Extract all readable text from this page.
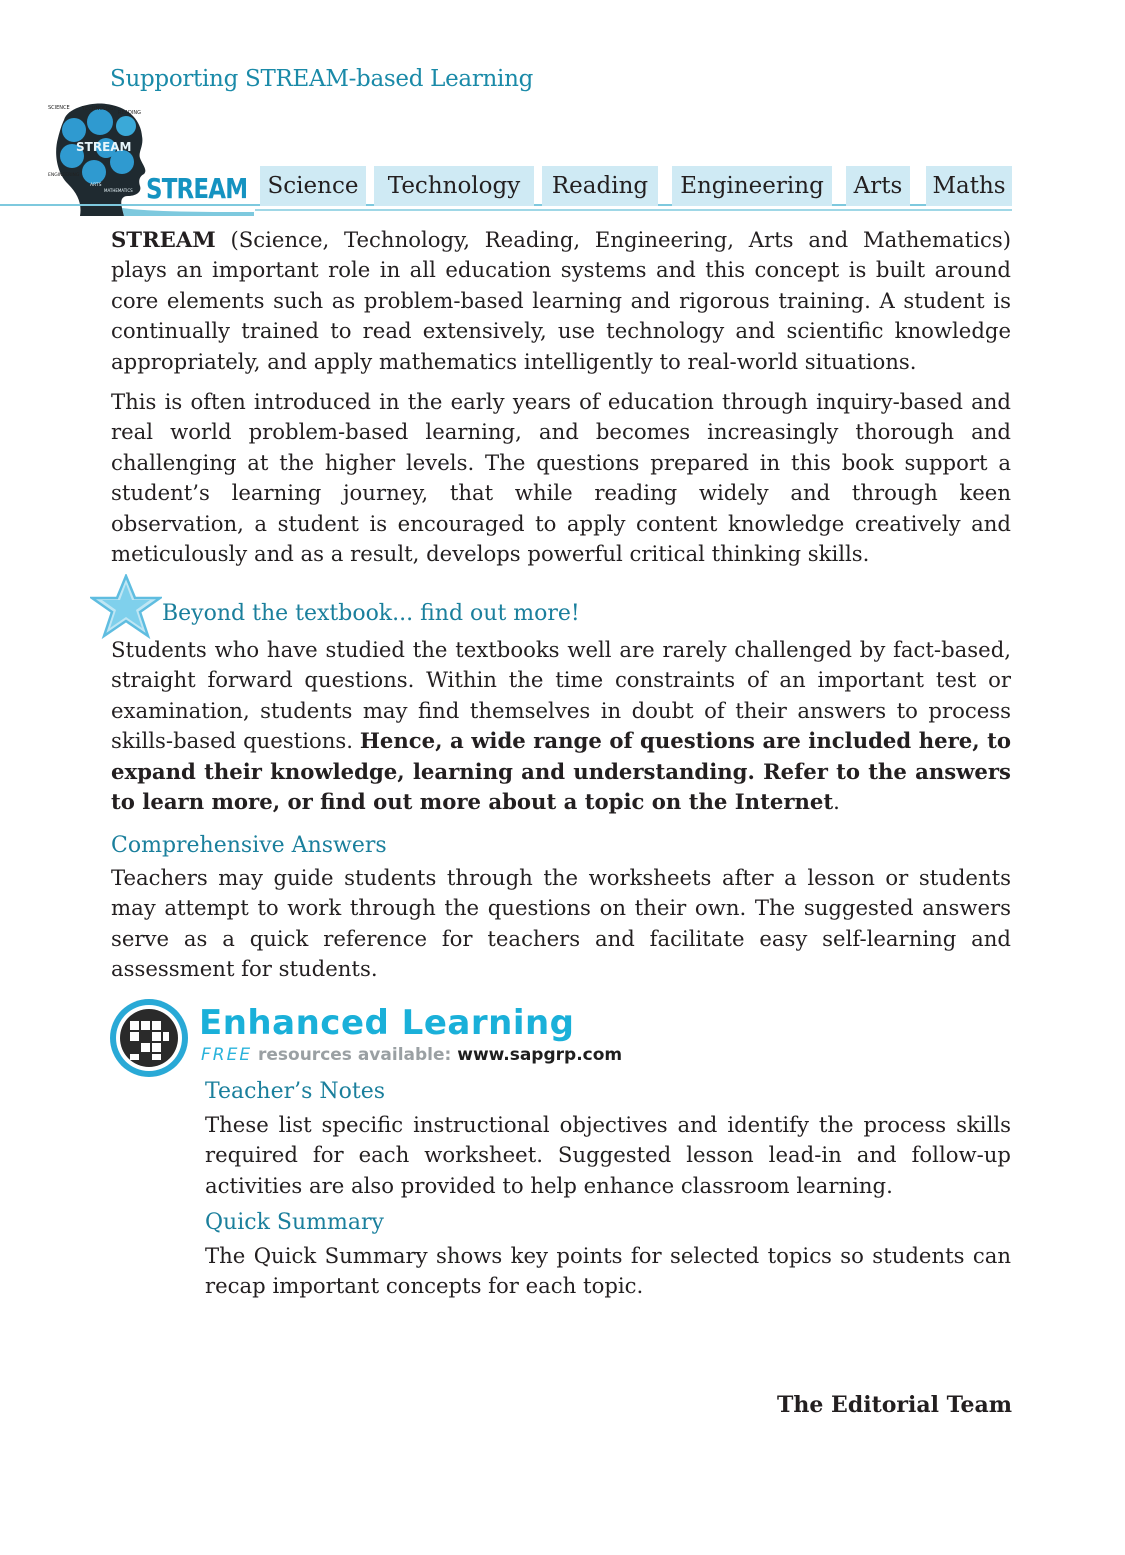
Supporting STREAM-based Learning
SCIENCE TECHNOLOGY
READING
STREAM
ENGINEERING
ARTS
MATHEMATICS STREAM Science	Technology	Reading	Engineering	Arts	Maths

STREAM (Science, Technology, Reading, Engineering, Arts and Mathematics) plays an important role in all education systems and this concept is built around core elements such as problem-based learning and rigorous training. A student is continually trained to read extensively, use technology and scientific knowledge appropriately, and apply mathematics intelligently to real-world situations.

This is often introduced in the early years of education through inquiry-based and real world problem-based learning, and becomes increasingly thorough and challenging at the higher levels. The questions prepared in this book support a student’s learning journey, that while reading widely and through keen observation, a student is encouraged to apply content knowledge creatively and meticulously and as a result, develops powerful critical thinking skills.

Beyond the textbook... find out more!

Students who have studied the textbooks well are rarely challenged by fact-based, straight forward questions. Within the time constraints of an important test or examination, students may find themselves in doubt of their answers to process skills-based questions. Hence, a wide range of questions are included here, to expand their knowledge, learning and understanding. Refer to the answers to learn more, or find out more about a topic on the Internet.

Comprehensive Answers

Teachers may guide students through the worksheets after a lesson or students may attempt to work through the questions on their own. The suggested answers serve as a quick reference for teachers and facilitate easy self-learning and assessment for students.

Enhanced Learning
FREE resources available: www.sapgrp.com
Teacher’s Notes

These list specific instructional objectives and identify the process skills required for each worksheet. Suggested lesson lead-in and follow-up activities are also provided to help enhance classroom learning.

Quick Summary

The Quick Summary shows key points for selected topics so students can recap important concepts for each topic.

The Editorial Team
